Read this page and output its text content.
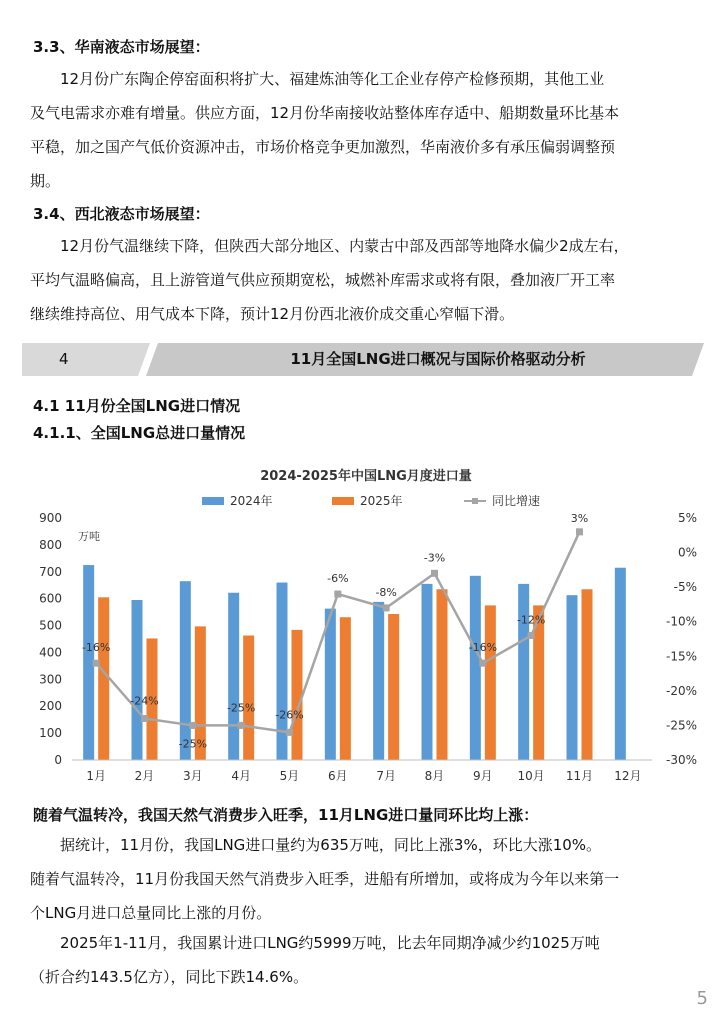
3.3、华南液态市场展望：
12月份广东陶企停窑面积将扩大、福建炼油等化工企业存停产检修预期，其他工业
及气电需求亦难有增量。供应方面，12月份华南接收站整体库存适中、船期数量环比基本
平稳，加之国产气低价资源冲击，市场价格竞争更加激烈，华南液价多有承压偏弱调整预
期。
3.4、西北液态市场展望：
12月份气温继续下降，但陕西大部分地区、内蒙古中部及西部等地降水偏少2成左右，
平均气温略偏高，且上游管道气供应预期宽松，城燃补库需求或将有限，叠加液厂开工率
继续维持高位、用气成本下降，预计12月份西北液价成交重心窄幅下滑。
4	11月全国LNG进口概况与国际价格驱动分析
4.1 11月份全国LNG进口情况
4.1.1、全国LNG总进口量情况
2024-2025年中国LNG月度进口量
2024年	2025年	同比增速
万吨
0
100
200
300
400
500
600
700
800
900	5%
0%
-5%
-10%
-15%
-20%
-25%
-30%
-16%
-24%
-25%
-25%
-26%
-6%
-8%
-3%
-16%
-12%
3%
1月 2月 3月 4月 5月 6月 7月 8月 9月 10月 11月 12月
随着气温转冷，我国天然气消费步入旺季，11月LNG进口量同环比均上涨：
据统计，11月份，我国LNG进口量约为635万吨，同比上涨3%，环比大涨10%。
随着气温转冷，11月份我国天然气消费步入旺季，进船有所增加，或将成为今年以来第一
个LNG月进口总量同比上涨的月份。
2025年1-11月，我国累计进口LNG约5999万吨，比去年同期净减少约1025万吨
（折合约143.5亿方），同比下跌14.6%。
5
